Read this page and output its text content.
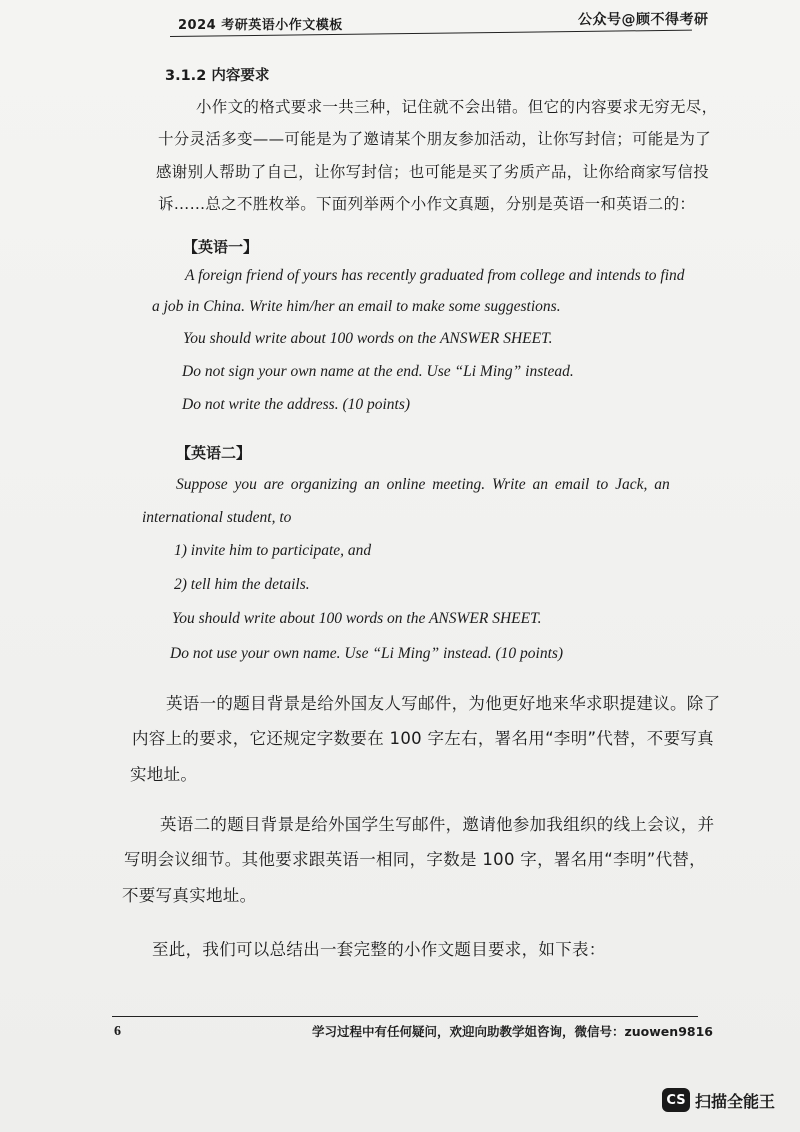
2024 考研英语小作文模板	公众号@顾不得考研
3.1.2 内容要求
小作文的格式要求一共三种，记住就不会出错。但它的内容要求无穷无尽，
十分灵活多变——可能是为了邀请某个朋友参加活动，让你写封信；可能是为了
感谢别人帮助了自己，让你写封信；也可能是买了劣质产品，让你给商家写信投
诉……总之不胜枚举。下面列举两个小作文真题，分别是英语一和英语二的：
【英语一】
A foreign friend of yours has recently graduated from college and intends to find
a job in China. Write him/her an email to make some suggestions.
You should write about 100 words on the ANSWER SHEET.
Do not sign your own name at the end. Use “Li Ming” instead.
Do not write the address. (10 points)
【英语二】
Suppose you are organizing an online meeting. Write an email to Jack, an
international student, to
1) invite him to participate, and
2) tell him the details.
You should write about 100 words on the ANSWER SHEET.
Do not use your own name. Use “Li Ming” instead. (10 points)
英语一的题目背景是给外国友人写邮件，为他更好地来华求职提建议。除了
内容上的要求，它还规定字数要在 100 字左右，署名用“李明”代替，不要写真
实地址。
英语二的题目背景是给外国学生写邮件，邀请他参加我组织的线上会议，并
写明会议细节。其他要求跟英语一相同，字数是 100 字，署名用“李明”代替，
不要写真实地址。
至此，我们可以总结出一套完整的小作文题目要求，如下表：
6	学习过程中有任何疑问，欢迎向助教学姐咨询，微信号：zuowen9816
CS 扫描全能王
